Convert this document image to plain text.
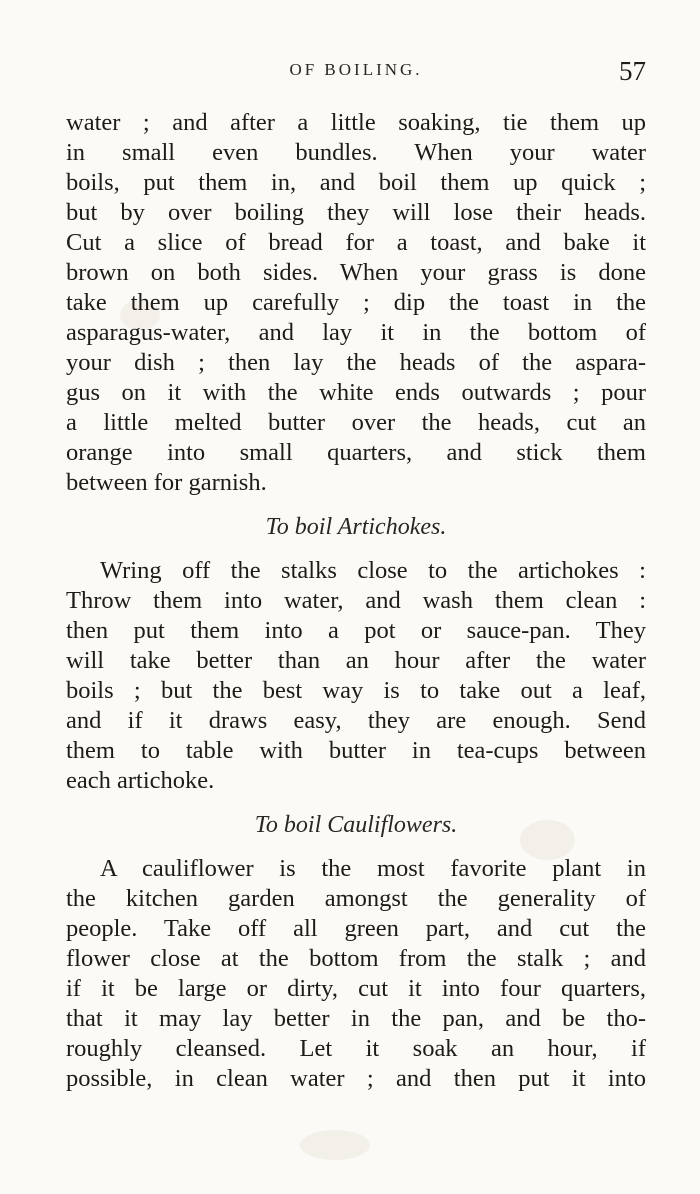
OF BOILING.	57
water ; and after a little soaking, tie them up
in small even bundles. When your water
boils, put them in, and boil them up quick ;
but by over boiling they will lose their heads.
Cut a slice of bread for a toast, and bake it
brown on both sides. When your grass is done
take them up carefully ; dip the toast in the
asparagus-water, and lay it in the bottom of
your dish ; then lay the heads of the aspara-
gus on it with the white ends outwards ; pour
a little melted butter over the heads, cut an
orange into small quarters, and stick them
between for garnish.
To boil Artichokes.
Wring off the stalks close to the artichokes :
Throw them into water, and wash them clean :
then put them into a pot or sauce-pan. They
will take better than an hour after the water
boils ; but the best way is to take out a leaf,
and if it draws easy, they are enough. Send
them to table with butter in tea-cups between
each artichoke.
To boil Cauliflowers.
A cauliflower is the most favorite plant in
the kitchen garden amongst the generality of
people. Take off all green part, and cut the
flower close at the bottom from the stalk ; and
if it be large or dirty, cut it into four quarters,
that it may lay better in the pan, and be tho-
roughly cleansed. Let it soak an hour, if
possible, in clean water ; and then put it into
